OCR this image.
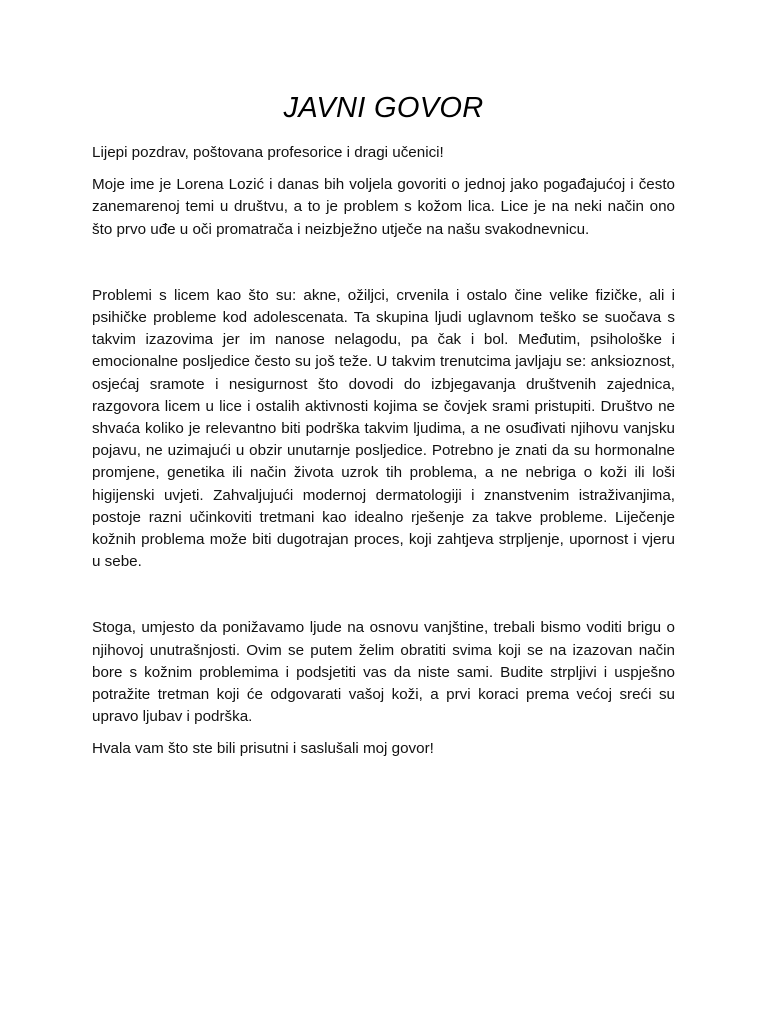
JAVNI GOVOR

Lijepi pozdrav, poštovana profesorice i dragi učenici!

Moje ime je Lorena Lozić i danas bih voljela govoriti o jednoj jako pogađajućoj i često zanemarenoj temi u društvu, a to je problem s kožom lica. Lice je na neki način ono što prvo uđe u oči promatrača i neizbježno utječe na našu svakodnevnicu.

Problemi s licem kao što su: akne, ožiljci, crvenila i ostalo čine velike fizičke, ali i psihičke probleme kod adolescenata. Ta skupina ljudi uglavnom teško se suočava s takvim izazovima jer im nanose nelagodu, pa čak i bol. Međutim, psihološke i emocionalne posljedice često su još teže. U takvim trenutcima javljaju se: anksioznost, osjećaj sramote i nesigurnost što dovodi do izbjegavanja društvenih zajednica, razgovora licem u lice i ostalih aktivnosti kojima se čovjek srami pristupiti. Društvo ne shvaća koliko je relevantno biti podrška takvim ljudima, a ne osuđivati njihovu vanjsku pojavu, ne uzimajući u obzir unutarnje posljedice. Potrebno je znati da su hormonalne promjene, genetika ili način života uzrok tih problema, a ne nebriga o koži ili loši higijenski uvjeti. Zahvaljujući modernoj dermatologiji i znanstvenim istraživanjima, postoje razni učinkoviti tretmani kao idealno rješenje za takve probleme. Liječenje kožnih problema može biti dugotrajan proces, koji zahtjeva strpljenje, upornost i vjeru u sebe.

Stoga, umjesto da ponižavamo ljude na osnovu vanjštine, trebali bismo voditi brigu o njihovoj unutrašnjosti. Ovim se putem želim obratiti svima koji se na izazovan način bore s kožnim problemima i podsjetiti vas da niste sami. Budite strpljivi i uspješno potražite tretman koji će odgovarati vašoj koži, a prvi koraci prema većoj sreći su upravo ljubav i podrška.

Hvala vam što ste bili prisutni i saslušali moj govor!
